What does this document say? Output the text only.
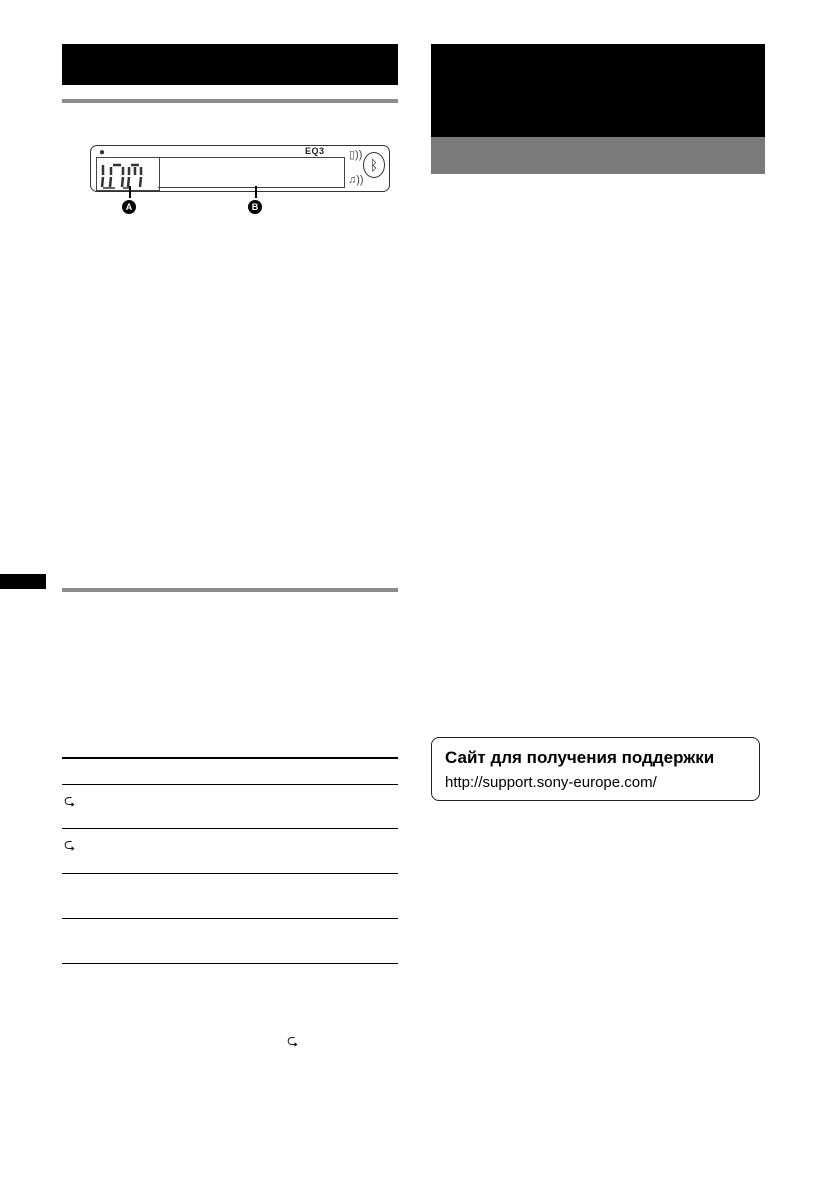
●	EQ3 ▯))
♫))
ᛒ
A	B
⮎
⮎
⮎
Сайт для получения поддержки
http://support.sony-europe.com/
